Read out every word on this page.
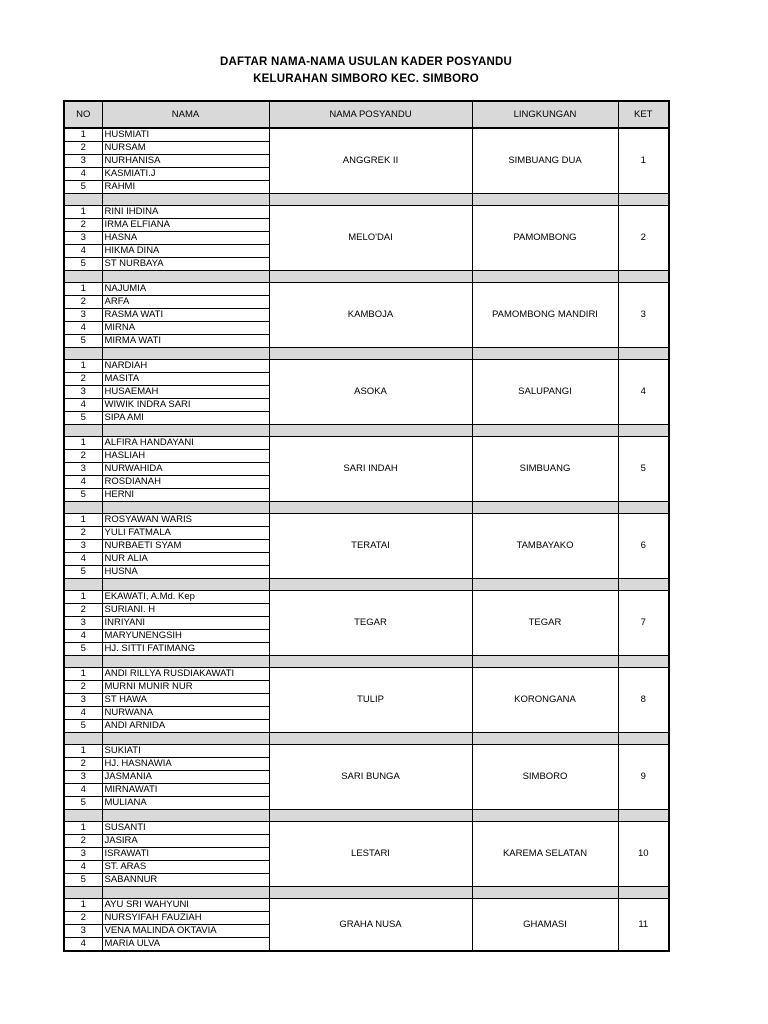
DAFTAR NAMA-NAMA USULAN KADER POSYANDU
KELURAHAN SIMBORO KEC. SIMBORO
NO	NAMA	NAMA POSYANDU	LINGKUNGAN	KET
1	HUSMIATI	ANGGREK II	SIMBUANG DUA	1
2	NURSAM			
3	NURHANISA			
4	KASMIATI.J			
5	RAHMI			

1	RINI IHDINA	MELO'DAI	PAMOMBONG	2
2	IRMA ELFIANA			
3	HASNA			
4	HIKMA DINA			
5	ST NURBAYA			

1	NAJUMIA	KAMBOJA	PAMOMBONG MANDIRI	3
2	ARFA			
3	RASMA WATI			
4	MIRNA			
5	MIRMA WATI			

1	NARDIAH	ASOKA	SALUPANGI	4
2	MASITA			
3	HUSAEMAH			
4	WIWIK INDRA SARI			
5	SIPA AMI			

1	ALFIRA HANDAYANI	SARI INDAH	SIMBUANG	5
2	HASLIAH			
3	NURWAHIDA			
4	ROSDIANAH			
5	HERNI			

1	ROSYAWAN WARIS	TERATAI	TAMBAYAKO	6
2	YULI FATMALA			
3	NURBAETI SYAM			
4	NUR ALIA			
5	HUSNA			

1	EKAWATI, A.Md. Kep	TEGAR	TEGAR	7
2	SURIANI. H			
3	INRIYANI			
4	MARYUNENGSIH			
5	HJ. SITTI FATIMANG			

1	ANDI RILLYA RUSDIAKAWATI	TULIP	KORONGANA	8
2	MURNI MUNIR NUR			
3	ST HAWA			
4	NURWANA			
5	ANDI ARNIDA			

1	SUKIATI	SARI BUNGA	SIMBORO	9
2	HJ. HASNAWIA			
3	JASMANIA			
4	MIRNAWATI			
5	MULIANA			

1	SUSANTI	LESTARI	KAREMA SELATAN	10
2	JASIRA			
3	ISRAWATI			
4	ST. ARAS			
5	SABANNUR			

1	AYU SRI WAHYUNI	GRAHA NUSA	GHAMASI	11
2	NURSYIFAH FAUZIAH			
3	VENA MALINDA OKTAVIA			
4	MARIA ULVA			
